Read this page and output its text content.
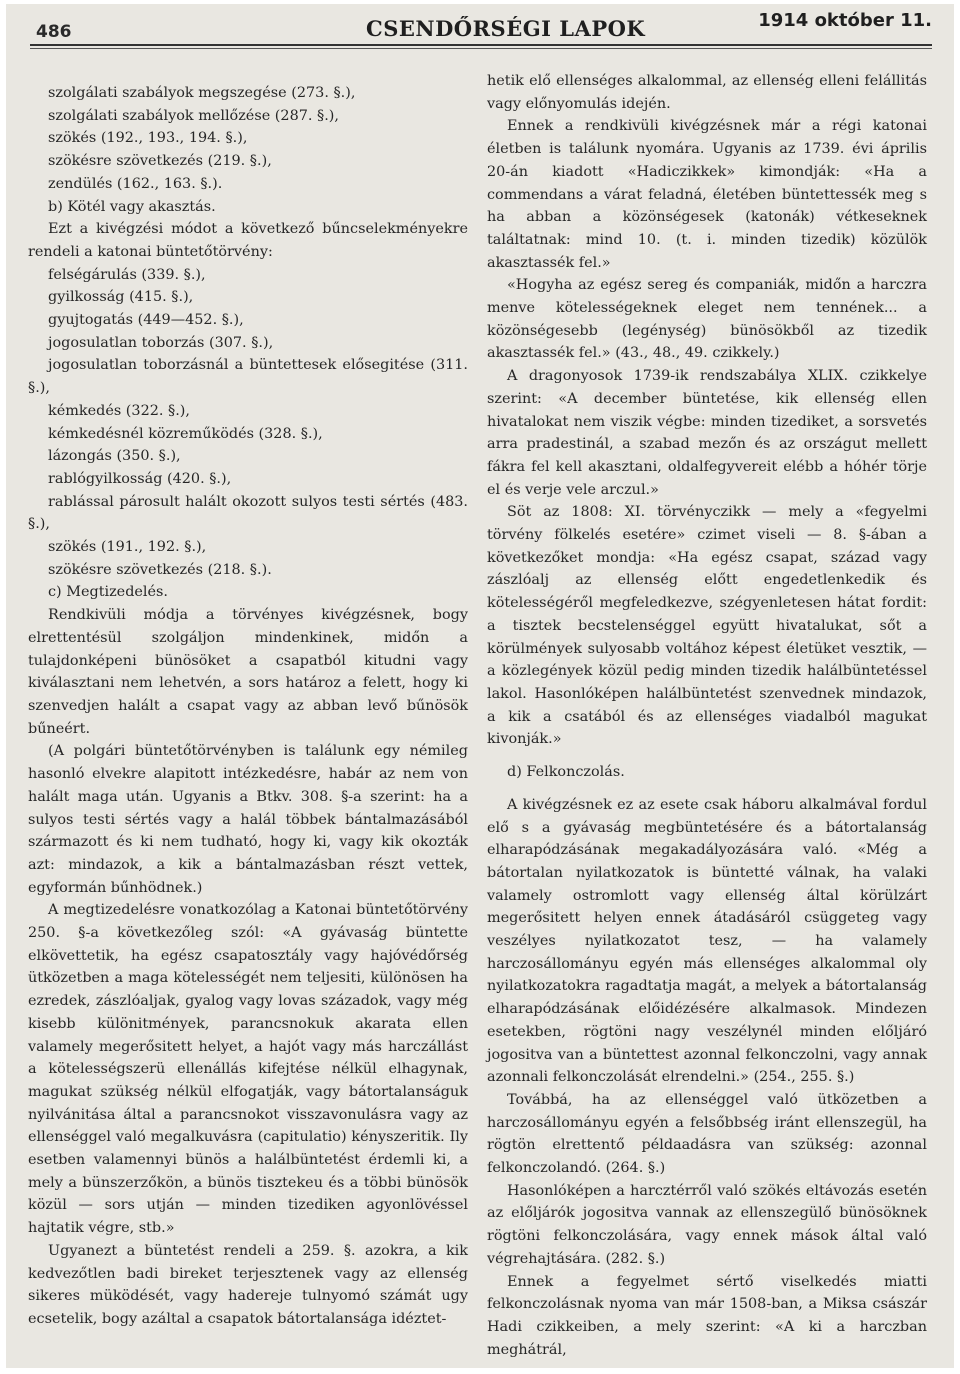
486	CSENDŐRSÉGI LAPOK	1914 október 11.

szolgálati szabályok megszegése (273. §.),

szolgálati szabályok mellőzése (287. §.),

szökés (192., 193., 194. §.),

szökésre szövetkezés (219. §.),

zendülés (162., 163. §.).

b) Kötél vagy akasztás.

Ezt a kivégzési módot a következő bűncselekményekre rendeli a katonai büntetőtörvény:

felségárulás (339. §.),

gyilkosság (415. §.),

gyujtogatás (449—452. §.),

jogosulatlan toborzás (307. §.),

jogosulatlan toborzásnál a büntettesek elősegitése (311. §.),

kémkedés (322. §.),

kémkedésnél közreműködés (328. §.),

lázongás (350. §.),

rablógyilkosság (420. §.),

rablással párosult halált okozott sulyos testi sértés (483. §.),

szökés (191., 192. §.),

szökésre szövetkezés (218. §.).

c) Megtizedelés.

Rendkivüli módja a törvényes kivégzésnek, bogy elrettentésül szolgáljon mindenkinek, midőn a tulajdonképeni bünösöket a csapatból kitudni vagy kiválasztani nem lehetvén, a sors határoz a felett, hogy ki szenvedjen halált a csapat vagy az abban levő bűnösök bűneért.

(A polgári büntetőtörvényben is találunk egy némileg hasonló elvekre alapitott intézkedésre, habár az nem von halált maga után. Ugyanis a Btkv. 308. §-a szerint: ha a sulyos testi sértés vagy a halál többek bántalmazásából származott és ki nem tudható, hogy ki, vagy kik okozták azt: mindazok, a kik a bántalmazásban részt vettek, egyformán bűnhödnek.)

A megtizedelésre vonatkozólag a Katonai büntetőtörvény 250. §-a következőleg szól: «A gyávaság büntette elkövettetik, ha egész csapatosztály vagy hajóvédőrség ütközetben a maga kötelességét nem teljesiti, különösen ha ezredek, zászlóaljak, gyalog vagy lovas századok, vagy még kisebb különitmények, parancsnokuk akarata ellen valamely megerősitett helyet, a hajót vagy más harczállást a kötelességszerü ellenállás kifejtése nélkül elhagynak, magukat szükség nélkül elfogatják, vagy bátortalanságuk nyilvánitása által a parancsnokot visszavonulásra vagy az ellenséggel való megalkuvásra (capitulatio) kényszeritik. Ily esetben valamennyi bünös a halálbüntetést érdemli ki, a mely a bünszerzőkön, a bünös tisztekeu és a többi bünösök közül — sors utján — minden tizediken agyonlövéssel hajtatik végre, stb.»

Ugyanezt a büntetést rendeli a 259. §. azokra, a kik kedvezőtlen badi bireket terjesztenek vagy az ellenség sikeres müködését, vagy hadereje tulnyomó számát ugy ecsetelik, bogy azáltal a csapatok bátortalansága idéztet-

hetik elő ellenséges alkalommal, az ellenség elleni felállitás vagy előnyomulás idején.

Ennek a rendkivüli kivégzésnek már a régi katonai életben is találunk nyomára. Ugyanis az 1739. évi április 20-án kiadott «Hadiczikkek» kimondják: «Ha a commendans a várat feladná, életében büntettessék meg s ha abban a közönségesek (katonák) vétkeseknek találtatnak: mind 10. (t. i. minden tizedik) közülök akasztassék fel.»

«Hogyha az egész sereg és companiák, midőn a harczra menve kötelességeknek eleget nem tennének... a közönségesebb (legénység) bünösökből az tizedik akasztassék fel.» (43., 48., 49. czikkely.)

A dragonyosok 1739-ik rendszabálya XLIX. czikkelye szerint: «A december büntetése, kik ellenség ellen hivatalokat nem viszik végbe: minden tizediket, a sorsvetés arra pradestinál, a szabad mezőn és az országut mellett fákra fel kell akasztani, oldalfegyvereit elébb a hóhér törje el és verje vele arczul.»

Söt az 1808: XI. törvényczikk — mely a «fegyelmi törvény fölkelés esetére» czimet viseli — 8. §-ában a következőket mondja: «Ha egész csapat, század vagy zászlóalj az ellenség előtt engedetlenkedik és kötelességéről megfeledkezve, szégyenletesen hátat fordit: a tisztek becstelenséggel együtt hivatalukat, sőt a körülmények sulyosabb voltához képest életüket vesztik, — a közlegények közül pedig minden tizedik halálbüntetéssel lakol. Hasonlóképen halálbüntetést szenvednek mindazok, a kik a csatából és az ellenséges viadalból magukat kivonják.»

d) Felkonczolás.

A kivégzésnek ez az esete csak háboru alkalmával fordul elő s a gyávaság megbüntetésére és a bátortalanság elharapódzásának megakadályozására való. «Még a bátortalan nyilatkozatok is büntetté válnak, ha valaki valamely ostromlott vagy ellenség által körülzárt megerősitett helyen ennek átadásáról csüggeteg vagy veszélyes nyilatkozatot tesz, — ha valamely harczosállományu egyén más ellenséges alkalommal oly nyilatkozatokra ragadtatja magát, a melyek a bátortalanság elharapódzásának előidézésére alkalmasok. Mindezen esetekben, rögtöni nagy veszélynél minden előljáró jogositva van a büntettest azonnal felkonczolni, vagy annak azonnali felkonczolását elrendelni.» (254., 255. §.)

Továbbá, ha az ellenséggel való ütközetben a harczosállományu egyén a felsőbbség iránt ellenszegül, ha rögtön elrettentő példaadásra van szükség: azonnal felkonczolandó. (264. §.)

Hasonlóképen a harcztérről való szökés eltávozás esetén az előljárók jogositva vannak az ellenszegülő bünösöknek rögtöni felkonczolására, vagy ennek mások által való végrehajtására. (282. §.)

Ennek a fegyelmet sértő viselkedés miatti felkonczolásnak nyoma van már 1508-ban, a Miksa császár Hadi czikkeiben, a mely szerint: «A ki a harczban meghátrál,
